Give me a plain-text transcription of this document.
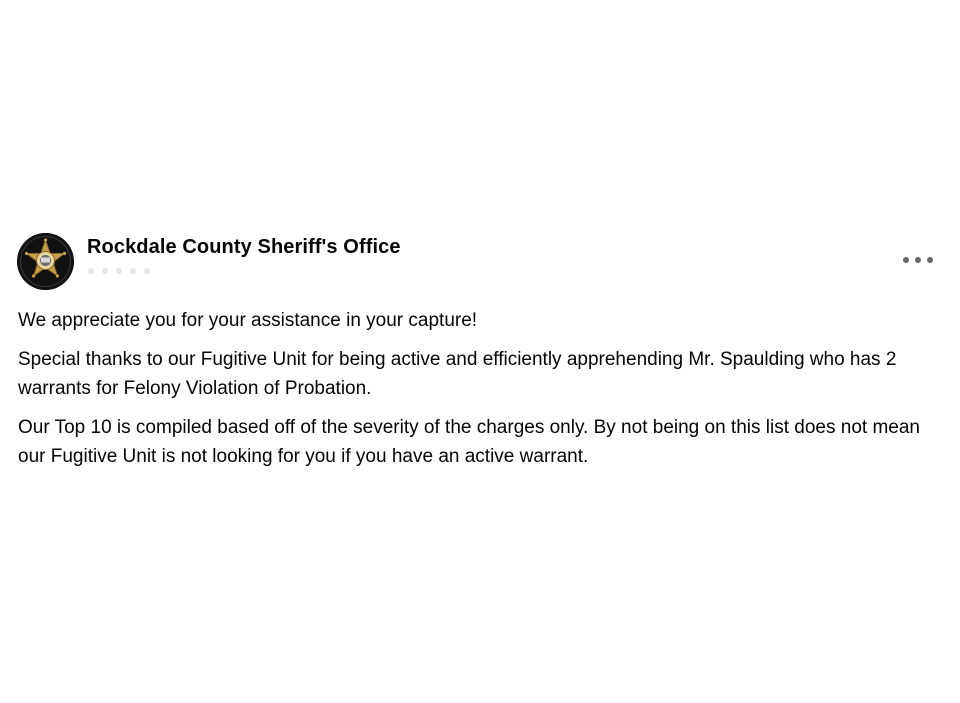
Rockdale County Sheriff's Office

We appreciate you for your assistance in your capture!

Special thanks to our Fugitive Unit for being active and efficiently apprehending Mr. Spaulding who has 2 warrants for Felony Violation of Probation.

Our Top 10 is compiled based off of the severity of the charges only. By not being on this list does not mean our Fugitive Unit is not looking for you if you have an active warrant.
